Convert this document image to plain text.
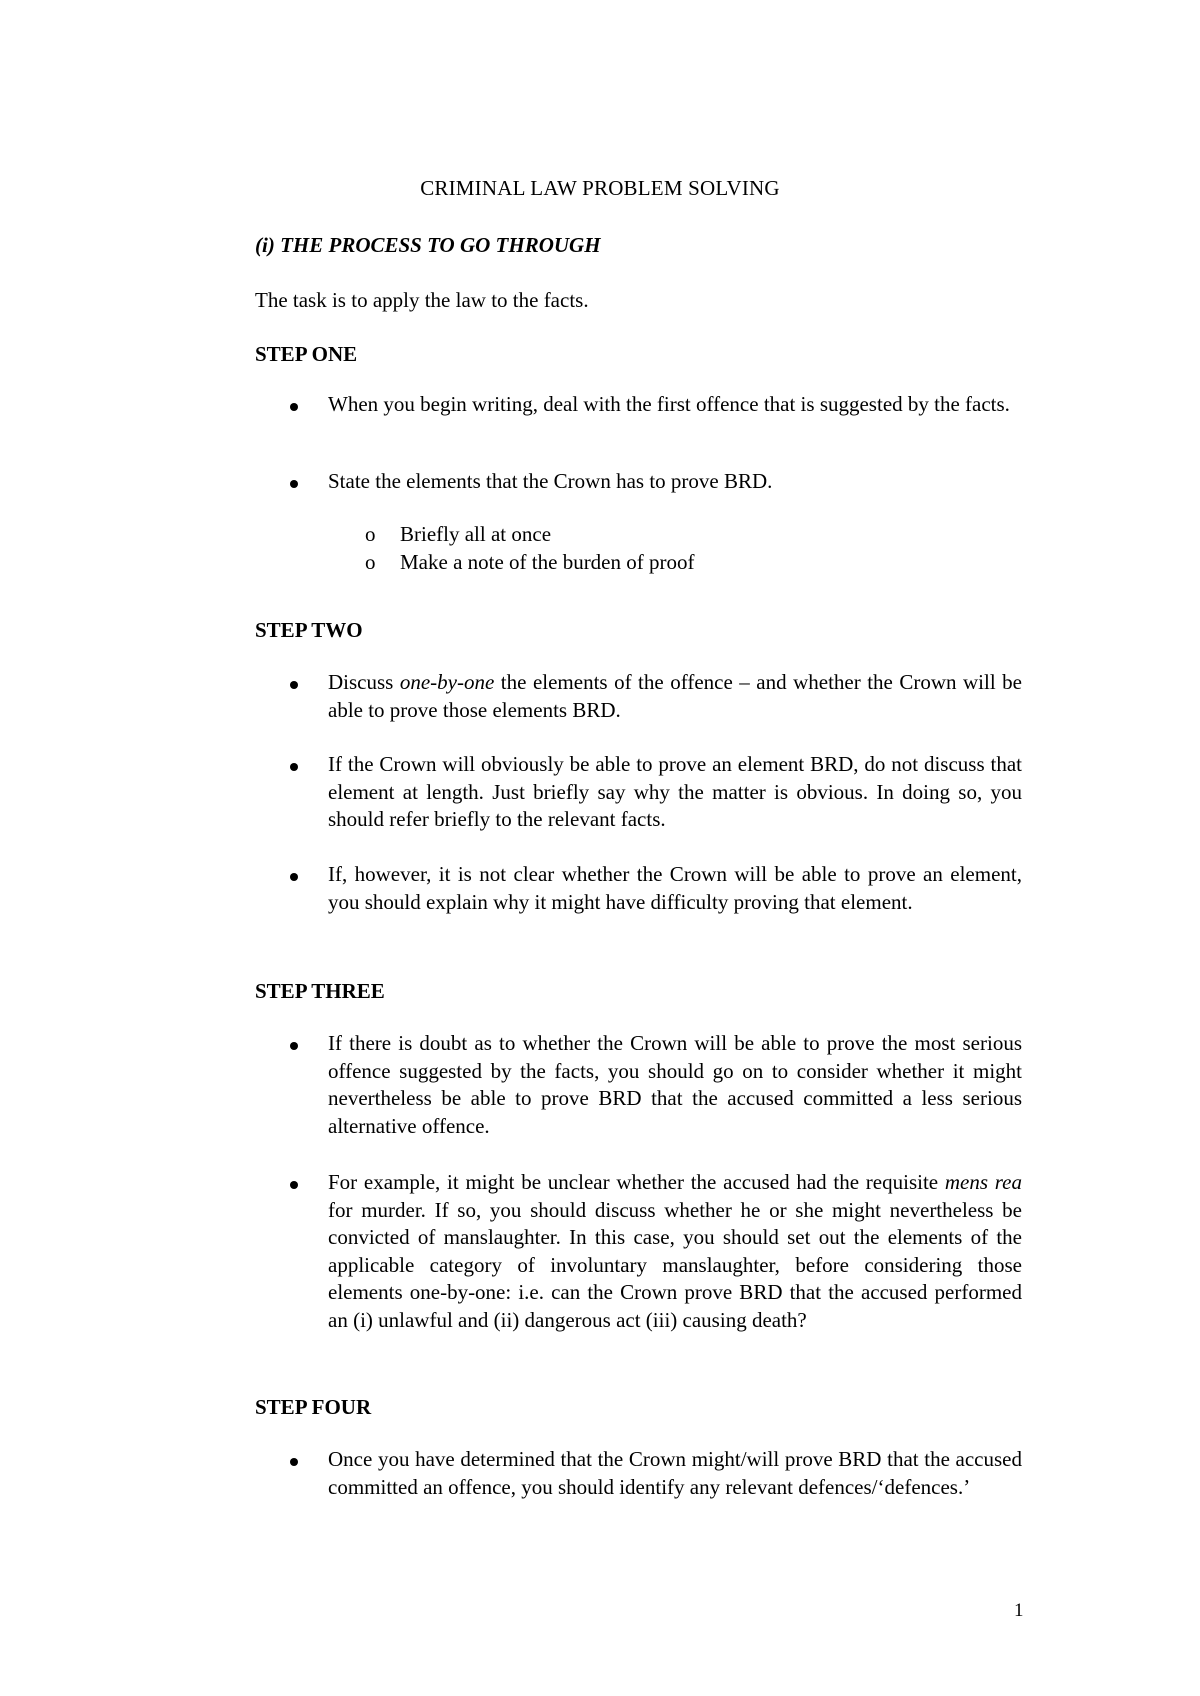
CRIMINAL LAW PROBLEM SOLVING
(i) THE PROCESS TO GO THROUGH
The task is to apply the law to the facts.
STEP ONE
When you begin writing, deal with the first offence that is suggested by the facts.
State the elements that the Crown has to prove BRD.
o Briefly all at once
o Make a note of the burden of proof
STEP TWO
Discuss one-by-one the elements of the offence – and whether the Crown will be able to prove those elements BRD.
If the Crown will obviously be able to prove an element BRD, do not discuss that element at length. Just briefly say why the matter is obvious. In doing so, you should refer briefly to the relevant facts.
If, however, it is not clear whether the Crown will be able to prove an element, you should explain why it might have difficulty proving that element.
STEP THREE
If there is doubt as to whether the Crown will be able to prove the most serious offence suggested by the facts, you should go on to consider whether it might nevertheless be able to prove BRD that the accused committed a less serious alternative offence.
For example, it might be unclear whether the accused had the requisite mens rea for murder. If so, you should discuss whether he or she might nevertheless be convicted of manslaughter. In this case, you should set out the elements of the applicable category of involuntary manslaughter, before considering those elements one-by-one: i.e. can the Crown prove BRD that the accused performed an (i) unlawful and (ii) dangerous act (iii) causing death?
STEP FOUR
Once you have determined that the Crown might/will prove BRD that the accused committed an offence, you should identify any relevant defences/‘defences.’
1
